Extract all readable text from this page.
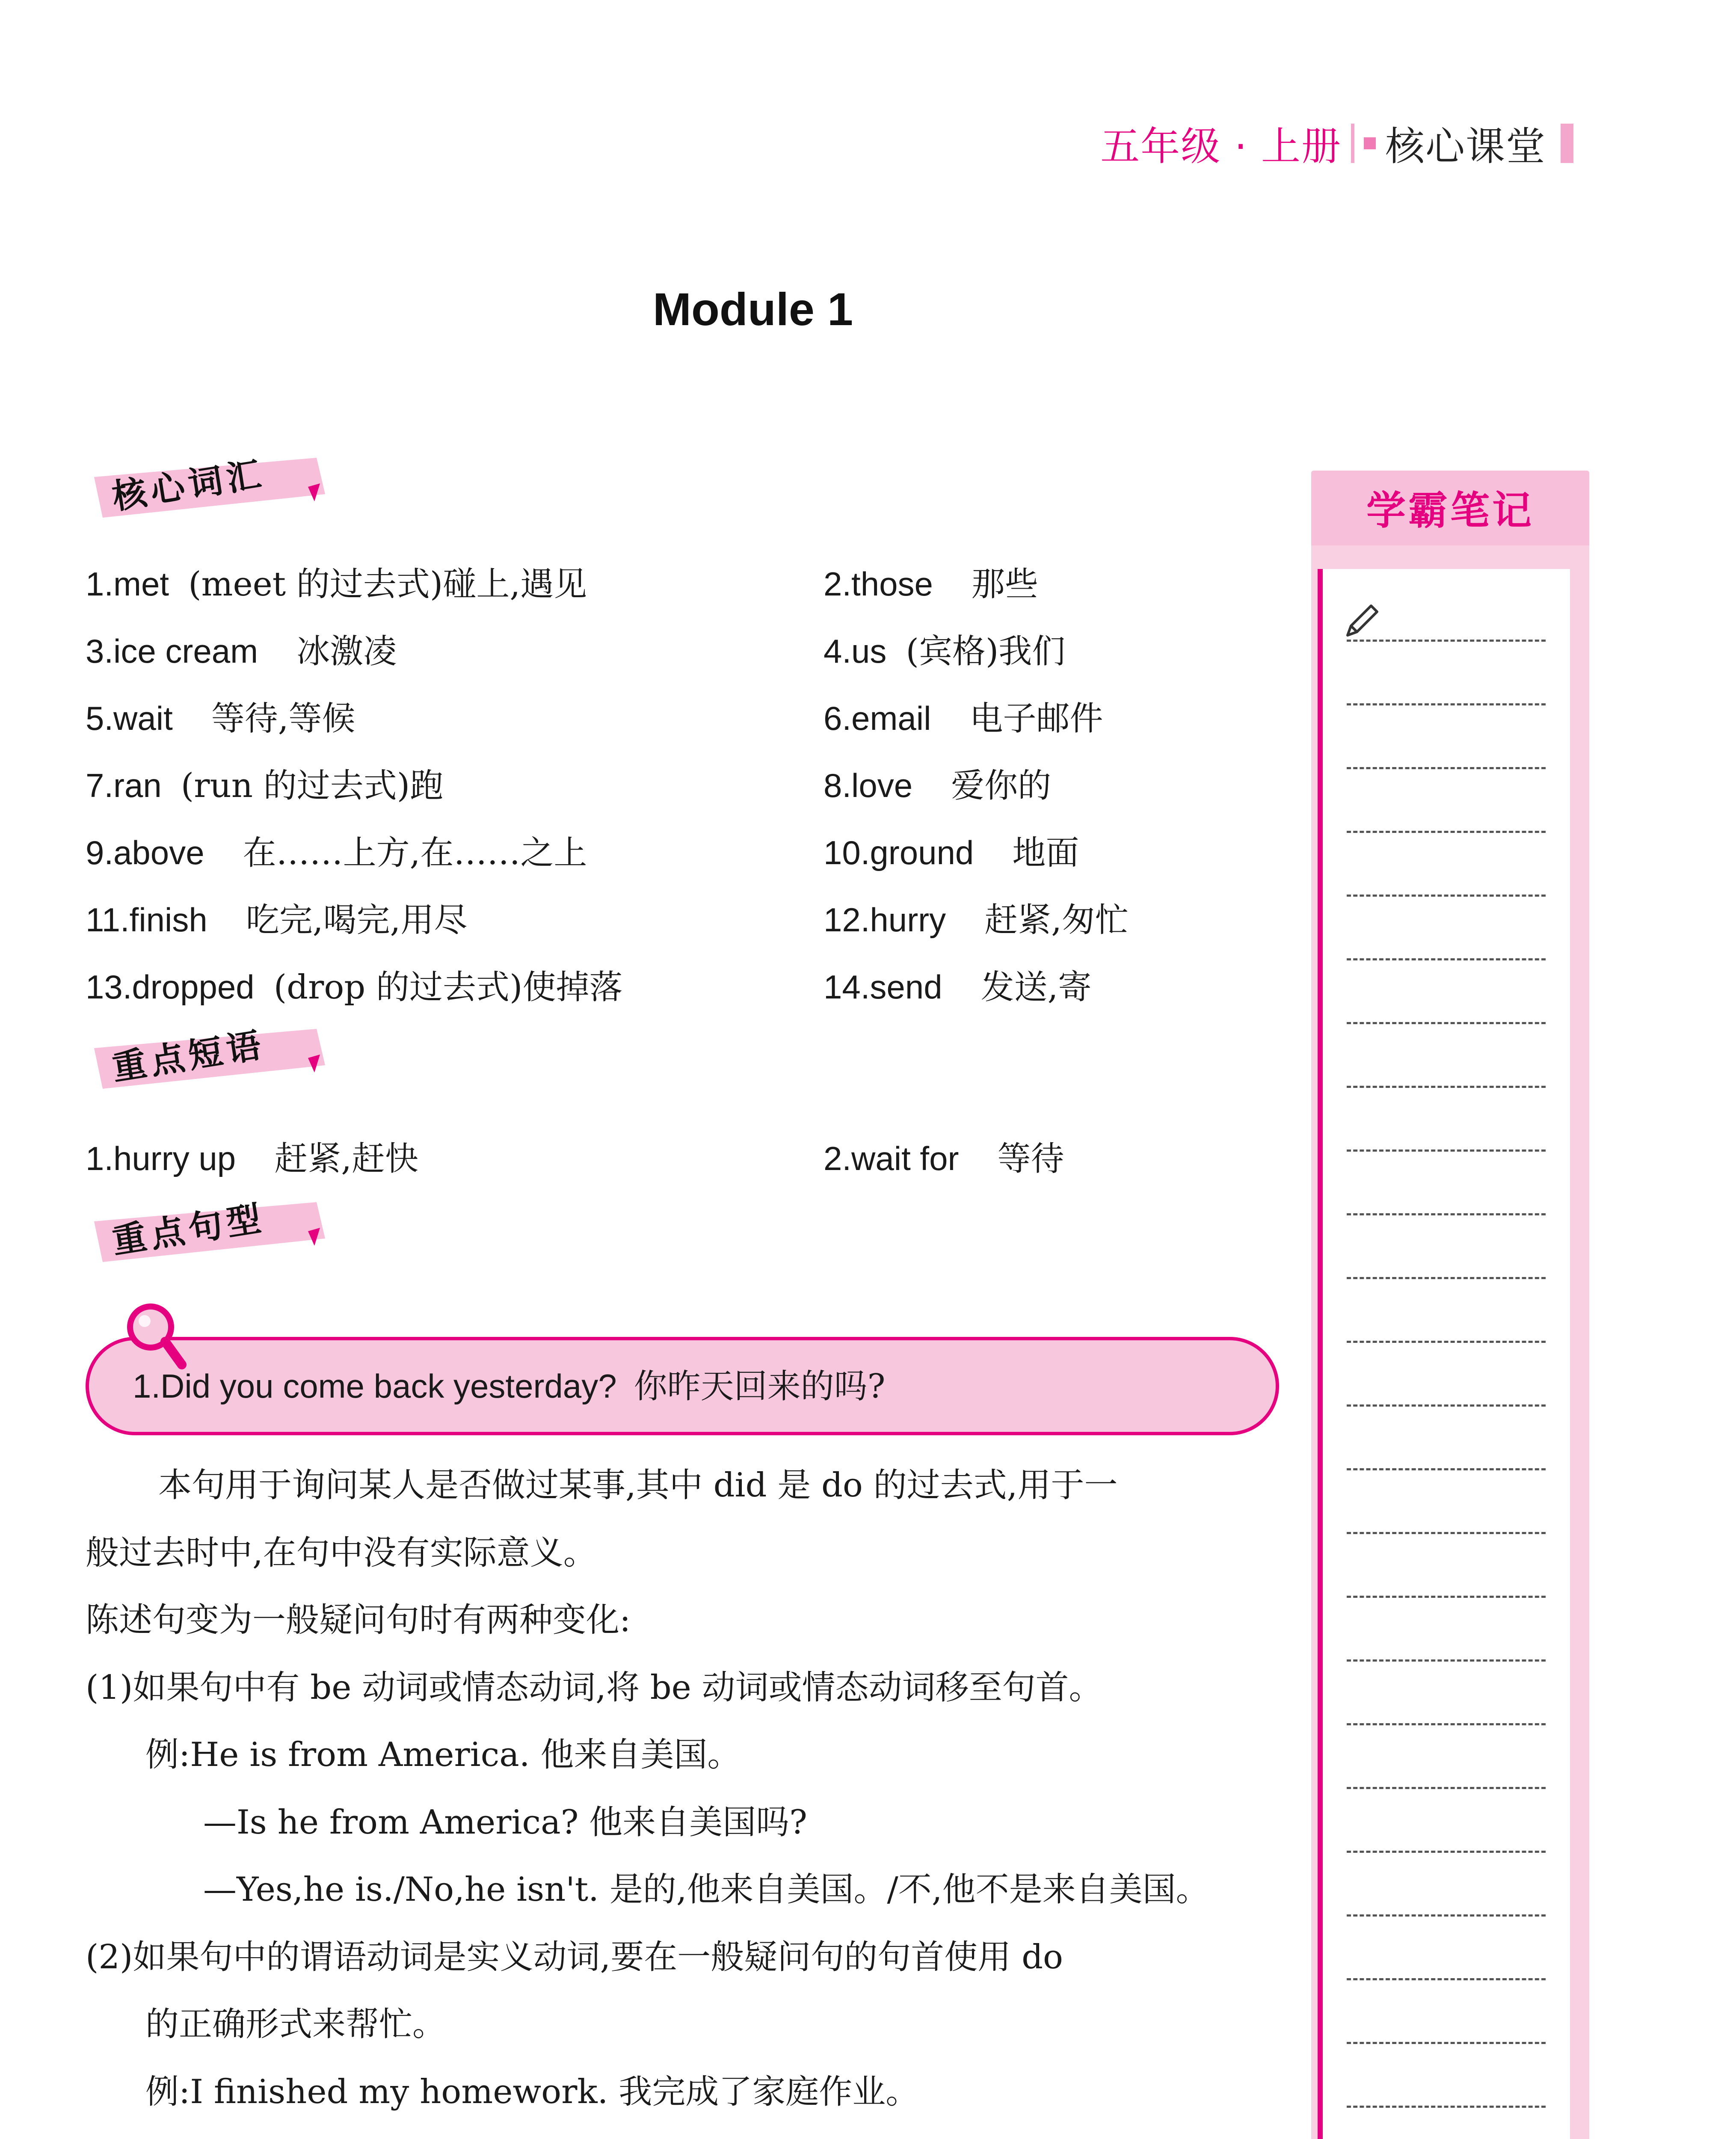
五年级 · 上册 核心课堂
Module 1
核心词汇
1.met (meet 的过去式)碰上,遇见	2.those 那些
3.ice cream 冰激凌	4.us (宾格)我们
5.wait 等待,等候	6.email 电子邮件
7.ran (run 的过去式)跑	8.love 爱你的
9.above 在……上方,在……之上	10.ground 地面
11.finish 吃完,喝完,用尽	12.hurry 赶紧,匆忙
13.dropped (drop 的过去式)使掉落	14.send 发送,寄
重点短语
1.hurry up 赶紧,赶快	2.wait for 等待
重点句型
1.Did you come back yesterday? 你昨天回来的吗?
本句用于询问某人是否做过某事,其中 did 是 do 的过去式,用于一
般过去时中,在句中没有实际意义。
陈述句变为一般疑问句时有两种变化:
(1)如果句中有 be 动词或情态动词,将 be 动词或情态动词移至句首。
例:He is from America. 他来自美国。
—Is he from America? 他来自美国吗?
—Yes,he is./No,he isn't. 是的,他来自美国。/不,他不是来自美国。
(2)如果句中的谓语动词是实义动词,要在一般疑问句的句首使用 do
的正确形式来帮忙。
例:I finished my homework. 我完成了家庭作业。
学霸笔记
